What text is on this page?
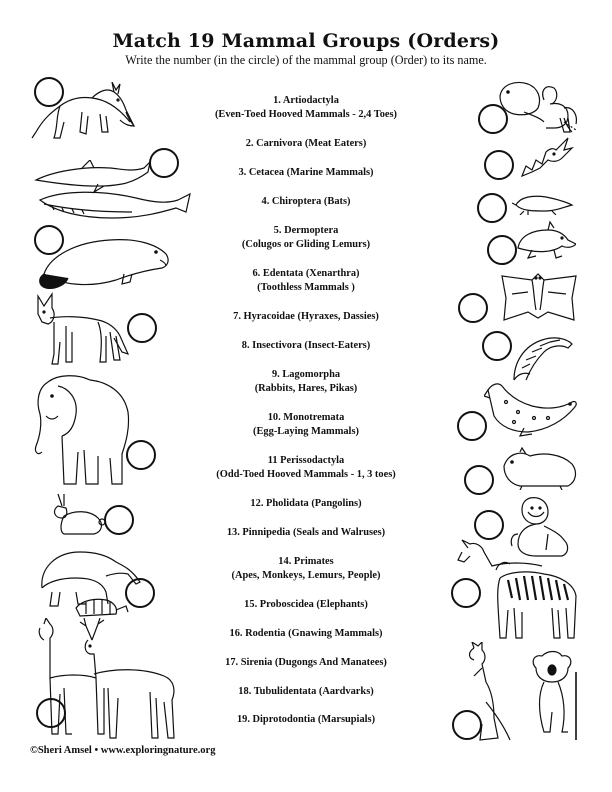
Match 19 Mammal Groups (Orders)
Write the number (in the circle) of the mammal group (Order) to its name.
1. Artiodactyla
(Even-Toed Hooved Mammals - 2,4 Toes)
2. Carnivora (Meat Eaters)
3. Cetacea (Marine Mammals)
4. Chiroptera (Bats)
5. Dermoptera
(Colugos or Gliding Lemurs)
6. Edentata (Xenarthra)
(Toothless Mammals )
7. Hyracoidae (Hyraxes, Dassies)
8. Insectivora (Insect-Eaters)
9. Lagomorpha
(Rabbits, Hares, Pikas)
10. Monotremata
(Egg-Laying Mammals)
11 Perissodactyla
(Odd-Toed Hooved Mammals - 1, 3 toes)
12. Pholidata (Pangolins)
13. Pinnipedia (Seals and Walruses)
14. Primates
(Apes, Monkeys, Lemurs, People)
15. Proboscidea (Elephants)
16. Rodentia (Gnawing Mammals)
17. Sirenia (Dugongs And Manatees)
18. Tubulidentata (Aardvarks)
19. Diprotodontia (Marsupials)
©Sheri Amsel • www.exploringnature.org
